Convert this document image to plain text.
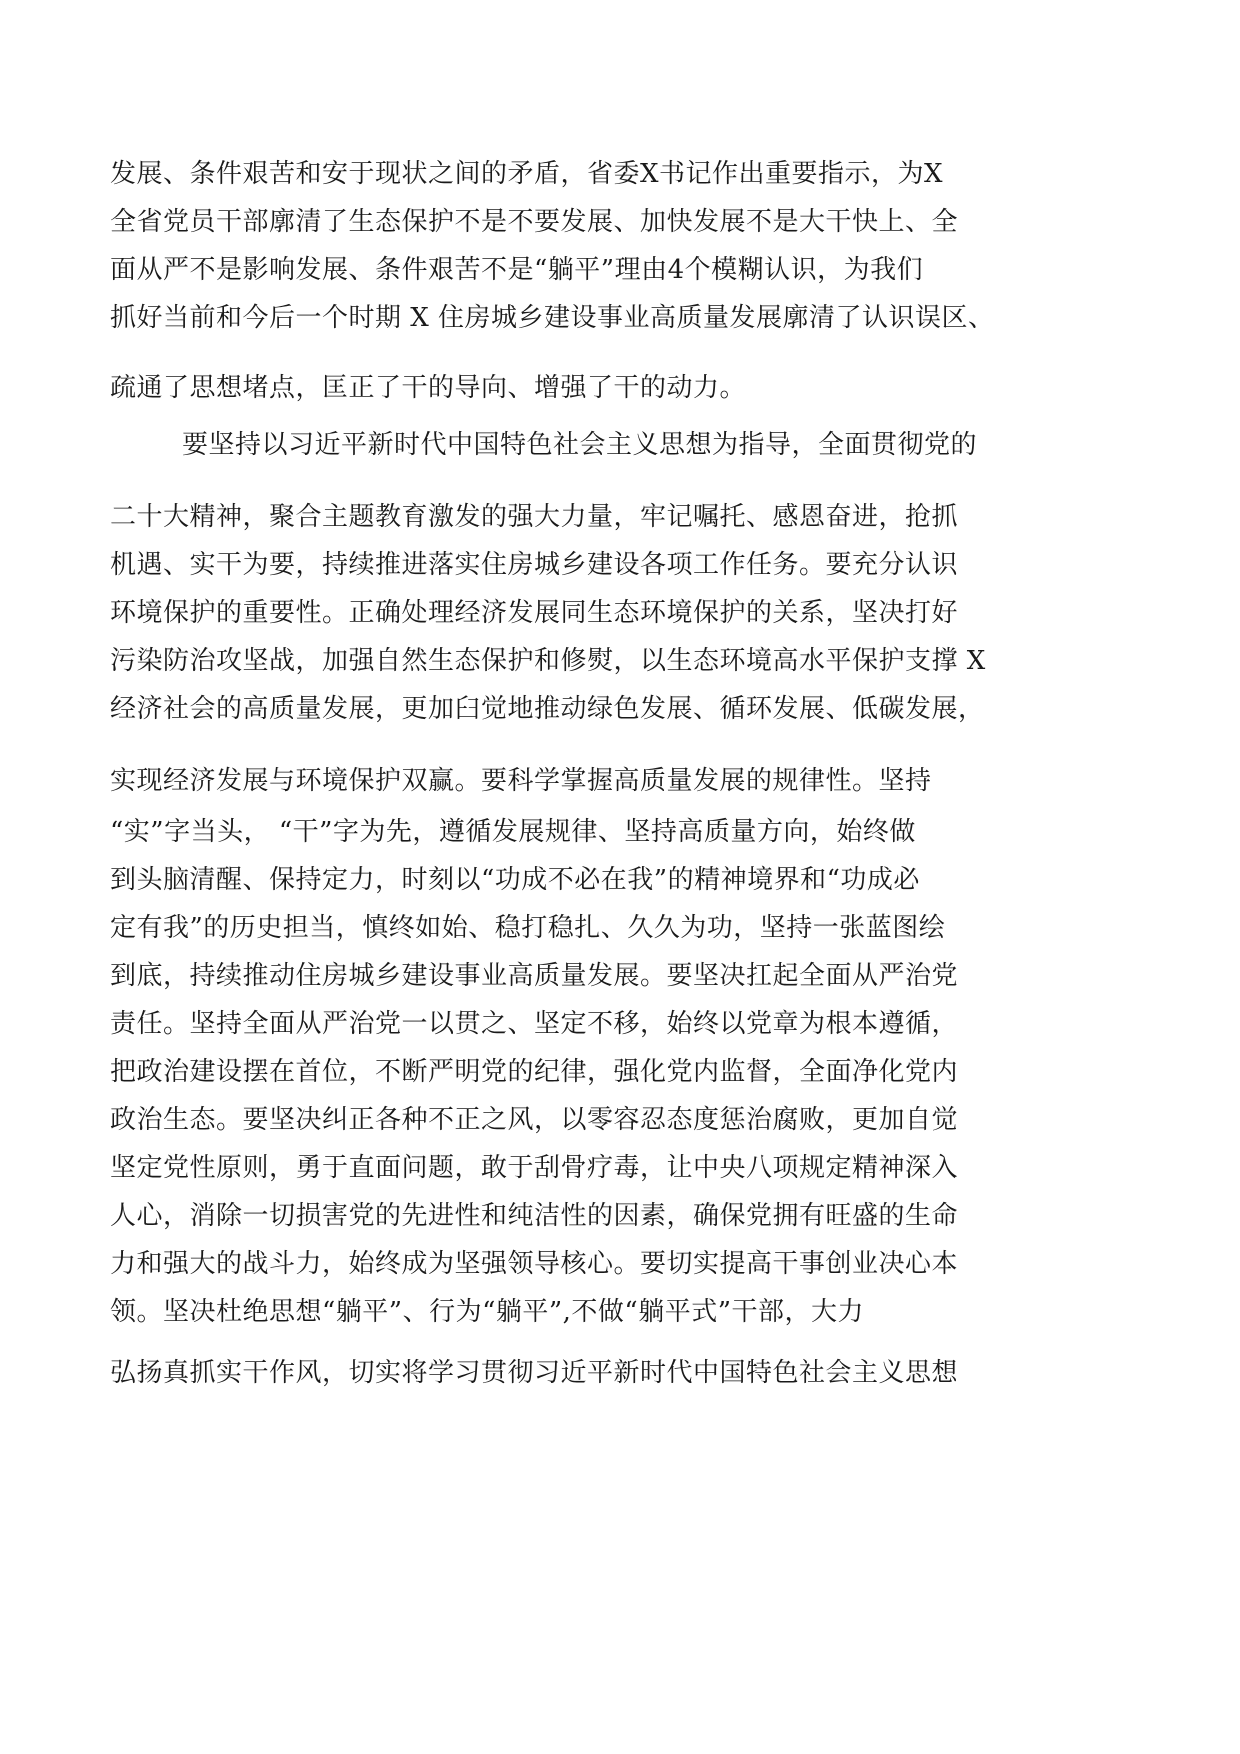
发展、条件艰苦和安于现状之间的矛盾，省委X书记作出重要指示，为X
全省党员干部廓清了生态保护不是不要发展、加快发展不是大干快上、全
面从严不是影响发展、条件艰苦不是“躺平”理由4个模糊认识，为我们
抓好当前和今后一个时期 X 住房城乡建设事业高质量发展廓清了认识误区、
疏通了思想堵点，匡正了干的导向、增强了干的动力。
要坚持以习近平新时代中国特色社会主义思想为指导，全面贯彻党的
二十大精神，聚合主题教育激发的强大力量，牢记嘱托、感恩奋进，抢抓
机遇、实干为要，持续推进落实住房城乡建设各项工作任务。要充分认识
环境保护的重要性。正确处理经济发展同生态环境保护的关系，坚决打好
污染防治攻坚战，加强自然生态保护和修熨，以生态环境高水平保护支撑 X
经济社会的高质量发展，更加臼觉地推动绿色发展、循环发展、低碳发展，
实现经济发展与环境保护双赢。要科学掌握高质量发展的规律性。坚持
“实”字当头， “干”字为先，遵循发展规律、坚持高质量方向，始终做
到头脑清醒、保持定力，时刻以“功成不必在我”的精神境界和“功成必
定有我”的历史担当，慎终如始、稳打稳扎、久久为功，坚持一张蓝图绘
到底，持续推动住房城乡建设事业高质量发展。要坚决扛起全面从严治党
责任。坚持全面从严治党一以贯之、坚定不移，始终以党章为根本遵循，
把政治建设摆在首位，不断严明党的纪律，强化党内监督，全面净化党内
政治生态。要坚决纠正各种不正之风，以零容忍态度惩治腐败，更加自觉
坚定党性原则，勇于直面问题，敢于刮骨疗毒，让中央八项规定精神深入
人心，消除一切损害党的先进性和纯洁性的因素，确保党拥有旺盛的生命
力和强大的战斗力，始终成为坚强领导核心。要切实提高干事创业决心本
领。坚决杜绝思想“躺平”、行为“躺平”,不做“躺平式”干部，大力
弘扬真抓实干作风，切实将学习贯彻习近平新时代中国特色社会主义思想
